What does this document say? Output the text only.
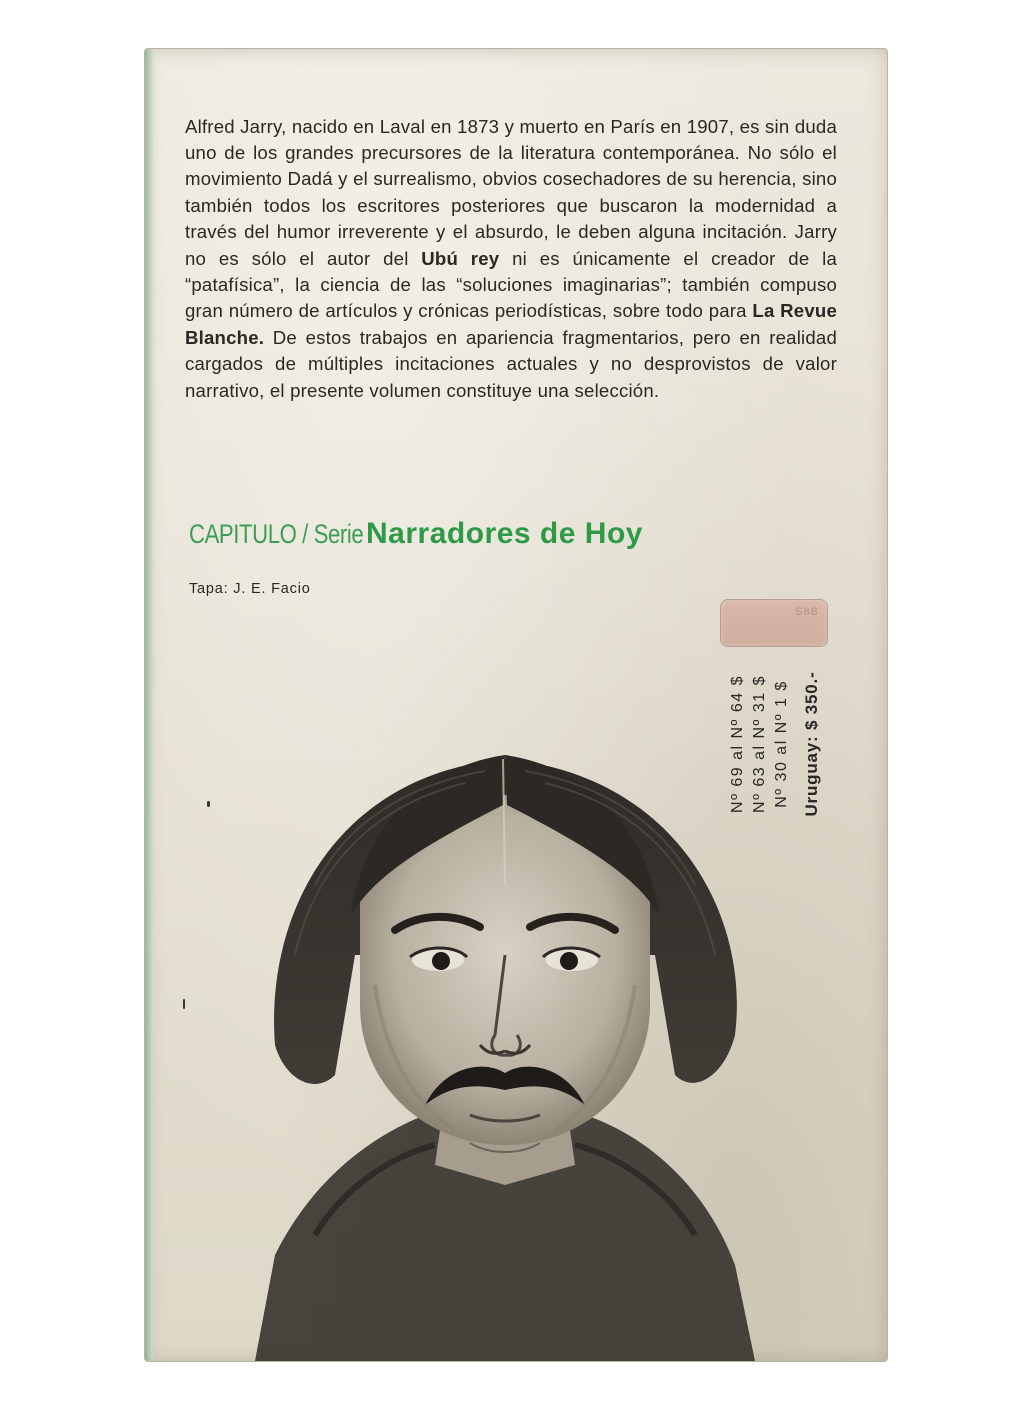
Alfred Jarry, nacido en Laval en 1873 y muerto en París en 1907, es sin duda uno de los grandes precursores de la literatura contemporánea. No sólo el movimiento Dadá y el surrealismo, obvios cosechadores de su herencia, sino también todos los escritores posteriores que buscaron la modernidad a través del humor irreverente y el absurdo, le deben alguna incitación. Jarry no es sólo el autor del Ubú rey ni es únicamente el creador de la “patafísica”, la ciencia de las “soluciones imaginarias”; también compuso gran número de artículos y crónicas periodísticas, sobre todo para La Revue Blanche. De estos trabajos en apariencia fragmentarios, pero en realidad cargados de múltiples incitaciones actuales y no desprovistos de valor narrativo, el presente volumen constituye una selección.

CAPITULO / Serie Narradores de Hoy
Tapa: J. E. Facio
S8B
Nº 69 al Nº 64 $ Nº 63 al Nº 31 $ Nº 30 al Nº 1 $ Uruguay: $ 350.-
